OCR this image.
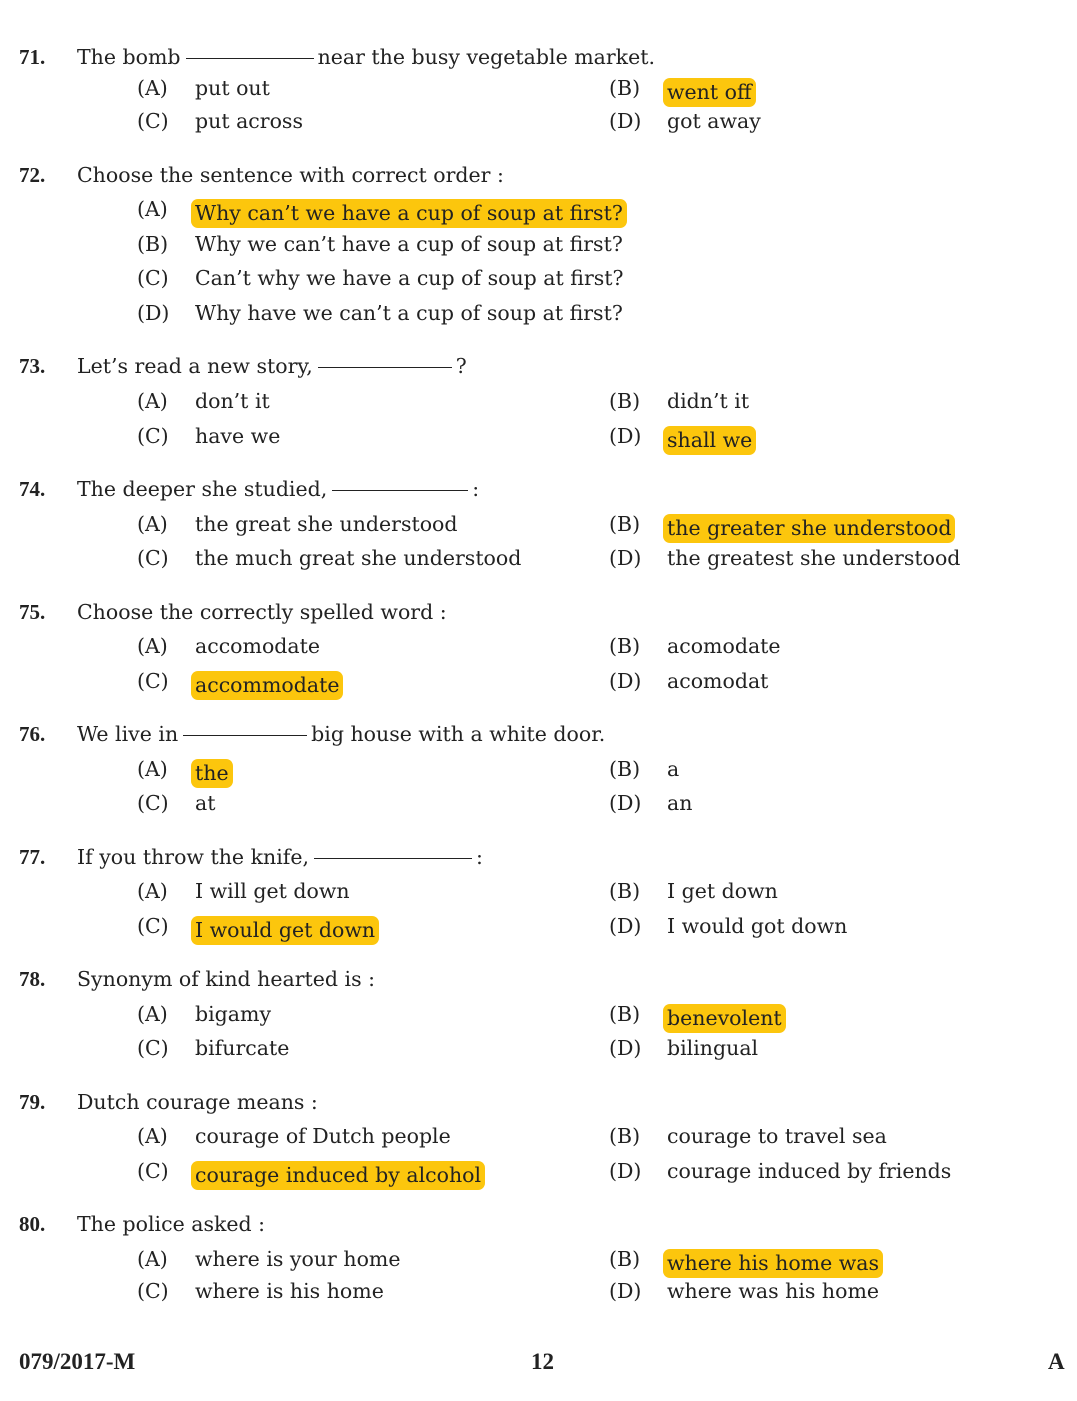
71. The bomb	near the busy vegetable market.
(A) put out	(B) went off
(C) put across	(D) got away
72. Choose the sentence with correct order :
(A) Why can’t we have a cup of soup at first?
(B) Why we can’t have a cup of soup at first?
(C) Can’t why we have a cup of soup at first?
(D) Why have we can’t a cup of soup at first?
73. Let’s read a new story,	?
(A) don’t it	(B) didn’t it
(C) have we	(D) shall we
74. The deeper she studied,	:
(A) the great she understood	(B) the greater she understood
(C) the much great she understood	(D) the greatest she understood
75. Choose the correctly spelled word :
(A) accomodate	(B) acomodate
(C) accommodate	(D) acomodat
76. We live in	big house with a white door.
(A) the	(B) a
(C) at	(D) an
77. If you throw the knife,	:
(A) I will get down	(B) I get down
(C) I would get down	(D) I would got down
78. Synonym of kind hearted is :
(A) bigamy	(B) benevolent
(C) bifurcate	(D) bilingual
79. Dutch courage means :
(A) courage of Dutch people	(B) courage to travel sea
(C) courage induced by alcohol	(D) courage induced by friends
80. The police asked :
(A) where is your home	(B) where his home was
(C) where is his home	(D) where was his home
079/2017-M	12	A
